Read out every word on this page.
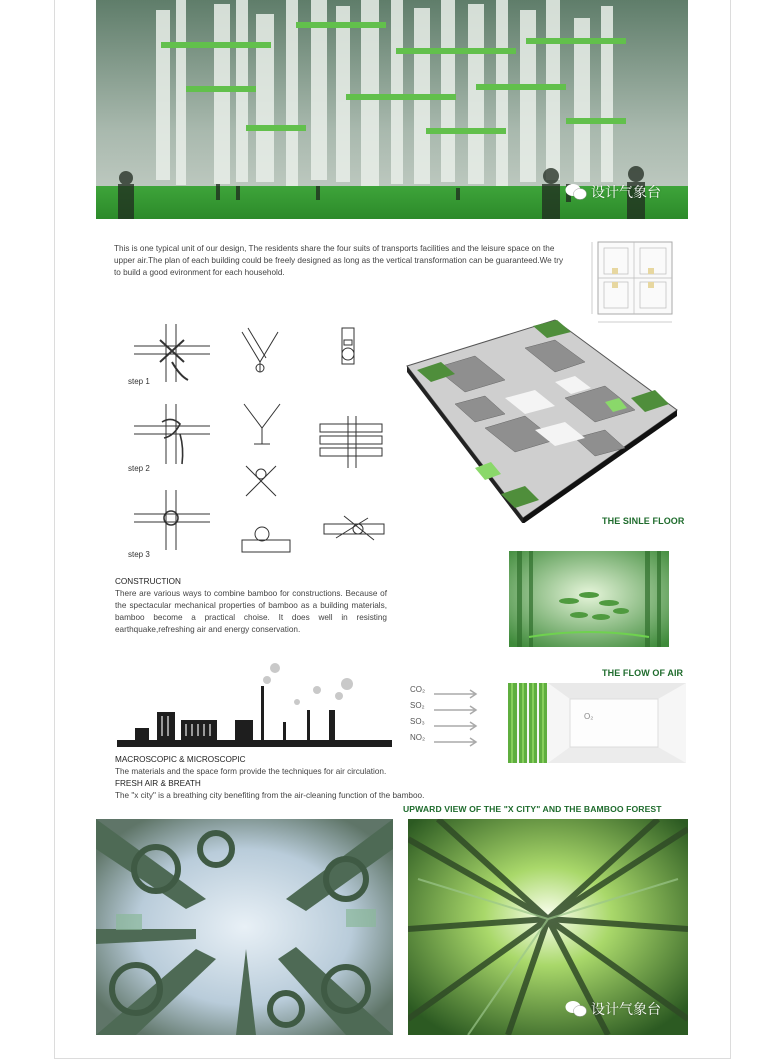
设计气象台
This is one typical unit of our design, The residents share the four suits of transports facilities and the leisure space on the upper air.The plan of each building could be freely designed as long as the vertical transformation can be guaranteed.We try to build a good evironment for each household.
step 1
step 2
step 3
THE SINLE FLOOR
CONSTRUCTION
There are various ways to combine bamboo for constructions. Because of the spectacular mechanical properties of bamboo as a building materials, bamboo become a practical choise. It does well in resisting earthquake,refreshing air and energy conservation.
THE FLOW OF AIR
CO₂
SO₂
SO₃
NO₂
O₂
MACROSCOPIC & MICROSCOPIC
The materials and the space form provide the techniques for air circulation.
FRESH AIR & BREATH
The "x city" is a breathing city benefiting from the air-cleaning function of the bamboo.
UPWARD VIEW OF THE "X CITY" AND THE BAMBOO FOREST
设计气象台
